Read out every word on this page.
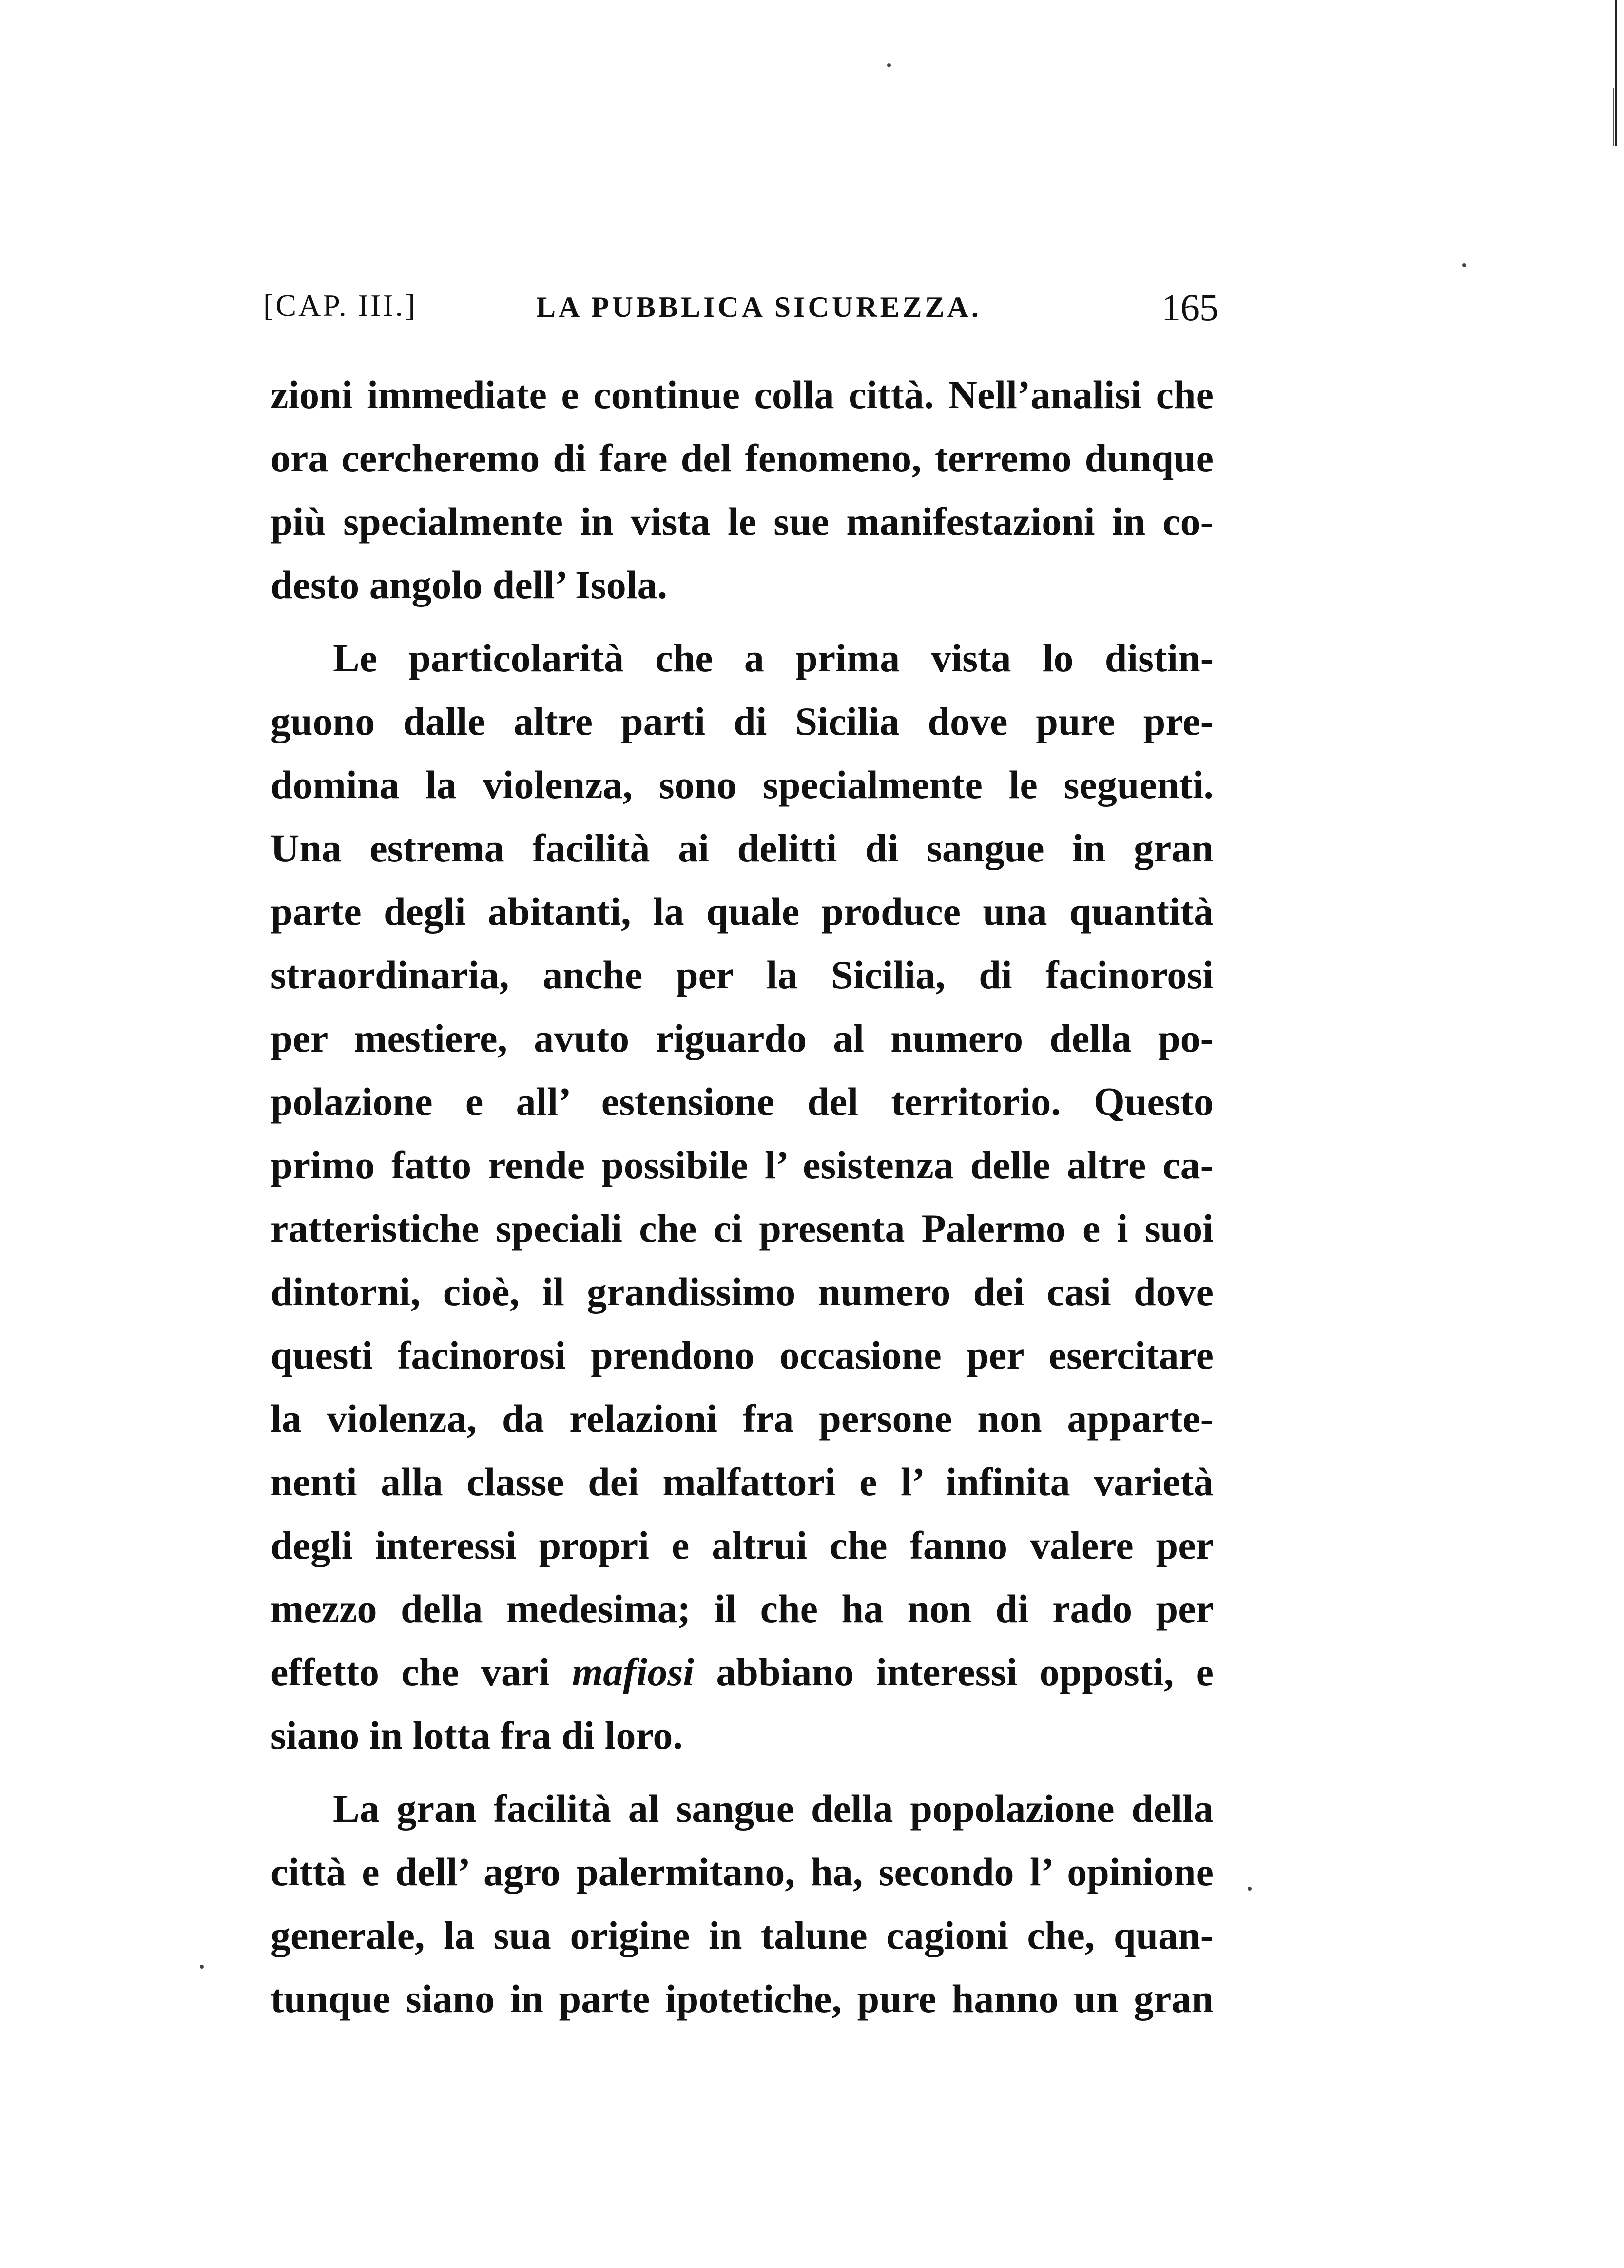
[CAP. III.]	LA PUBBLICA SICUREZZA.	165
zioni immediate e continue colla città. Nell’analisi che
ora cercheremo di fare del fenomeno, terremo dunque
più specialmente in vista le sue manifestazioni in co-
desto angolo dell’ Isola.
Le particolarità che a prima vista lo distin-
guono dalle altre parti di Sicilia dove pure pre-
domina la violenza, sono specialmente le seguenti.
Una estrema facilità ai delitti di sangue in gran
parte degli abitanti, la quale produce una quantità
straordinaria, anche per la Sicilia, di facinorosi
per mestiere, avuto riguardo al numero della po-
polazione e all’ estensione del territorio. Questo
primo fatto rende possibile l’ esistenza delle altre ca-
ratteristiche speciali che ci presenta Palermo e i suoi
dintorni, cioè, il grandissimo numero dei casi dove
questi facinorosi prendono occasione per esercitare
la violenza, da relazioni fra persone non apparte-
nenti alla classe dei malfattori e l’ infinita varietà
degli interessi propri e altrui che fanno valere per
mezzo della medesima; il che ha non di rado per
effetto che vari mafiosi abbiano interessi opposti, e
siano in lotta fra di loro.
La gran facilità al sangue della popolazione della
città e dell’ agro palermitano, ha, secondo l’ opinione
generale, la sua origine in talune cagioni che, quan-
tunque siano in parte ipotetiche, pure hanno un gran
